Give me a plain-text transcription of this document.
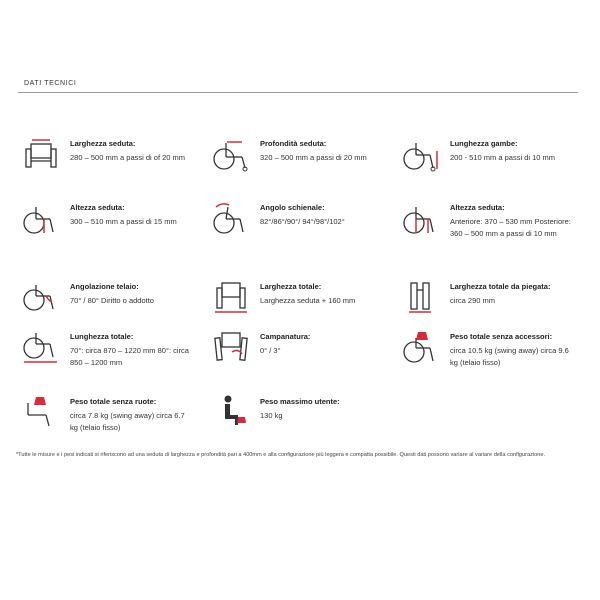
DATI TECNICI
Larghezza seduta:
280 – 500 mm a passi di of 20 mm
Profondità seduta:
320 – 500 mm a passi di 20 mm
Lunghezza gambe:
200 - 510 mm a passi di 10 mm
Altezza seduta:
300 – 510 mm a passi di 15 mm
Angolo schienale:
82°/86°/90°/ 94°/98°/102°
Altezza seduta:
Anteriore: 370 – 530 mm Posteriore: 360 – 500 mm a passi di 10 mm
Angolazione telaio:
70° / 80° Diritto o addotto
Larghezza totale:
Larghezza seduta + 160 mm
Larghezza totale da piegata:
circa 290 mm
Lunghezza totale:
70°: circa 870 – 1220 mm 80°: circa 850 – 1200 mm
Campanatura:
0° / 3°
Peso totale senza accessori:
circa 10.5 kg (swing away) circa 9.6 kg (telaio fisso)
Peso totale senza ruote:
circa 7.8 kg (swing away) circa 6.7 kg (telaio fisso)
Peso massimo utente:
130 kg
*Tutte le misure e i pesi indicati si riferiscono ad una seduta di larghezza e profondità pari a 400mm e alla configurazione più leggera e compatta possibile. Questi dati possono variare al variare della configurazione.
